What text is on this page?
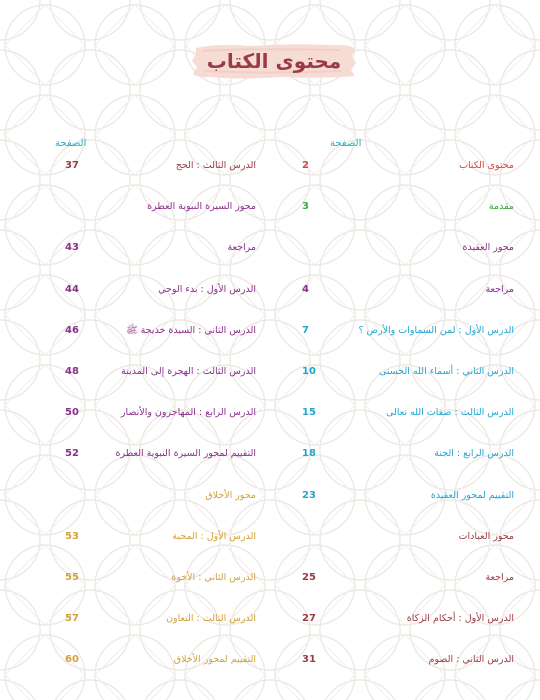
محتوى الكتاب
الصفحة
الصفحة
محتوى الكتاب
2
مقدمة
3
محور العقيدة
مراجعة
4
الدرس الأول : لمن السماوات والأرض ؟
7
الدرس الثاني : أسماء الله الحسنى
10
الدرس الثالث : صفات الله تعالى
15
الدرس الرابع : الجنة
18
التقييم لمحور العقيدة
23
محور العبادات
مراجعة
25
الدرس الأول : أحكام الزكاة
27
الدرس الثاني : الصوم
31
الدرس الثالث : الحج
37
محور السيرة النبوية العطرة
مراجعة
43
الدرس الأول : بدء الوحي
44
الدرس الثاني : السيدة خديجة ﷺ
46
الدرس الثالث : الهجرة إلى المدينة
48
الدرس الرابع : المهاجرون والأنصار
50
التقييم لمحور السيرة النبوية العطرة
52
محور الأخلاق
الدرس الأول : المحبة
53
الدرس الثاني : الأخوة
55
الدرس الثالث : التعاون
57
التقييم لمحور الأخلاق
60
